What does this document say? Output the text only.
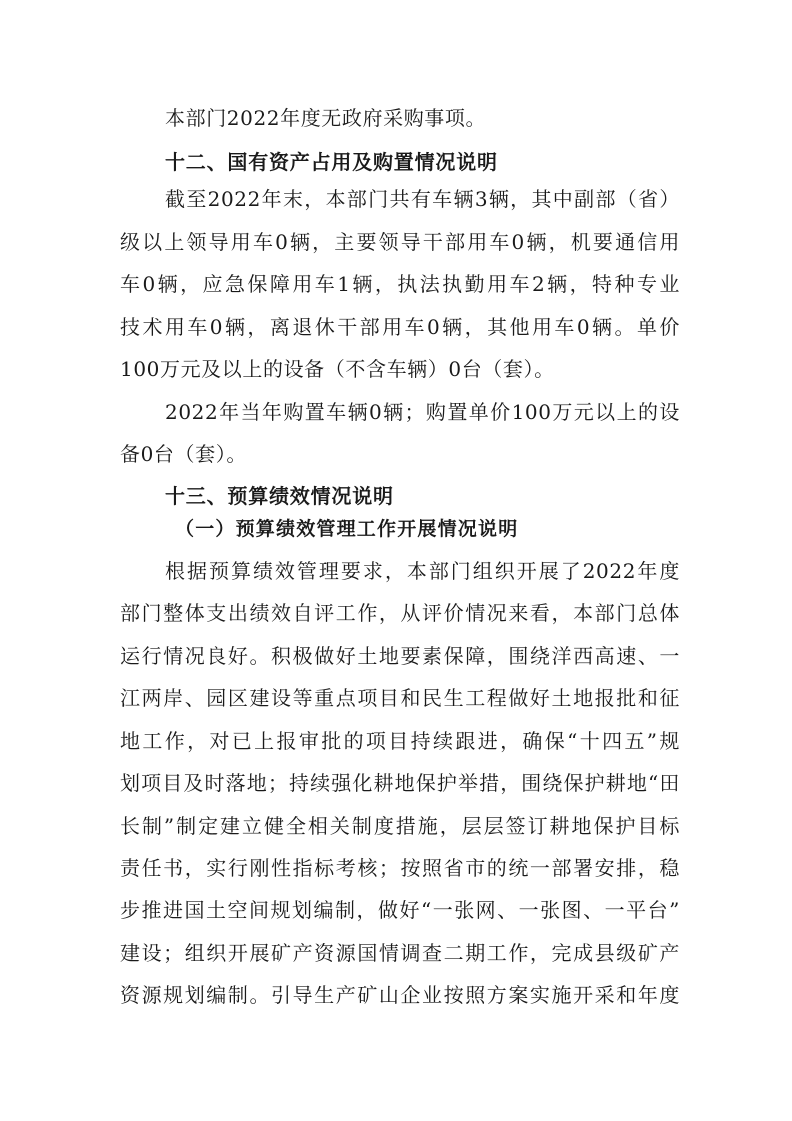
本部门2022年度无政府采购事项。
十二、国有资产占用及购置情况说明
截至2022年末，本部门共有车辆3辆，其中副部（省）
级以上领导用车0辆，主要领导干部用车0辆，机要通信用
车0辆，应急保障用车1辆，执法执勤用车2辆，特种专业
技术用车0辆，离退休干部用车0辆，其他用车0辆。单价
100万元及以上的设备（不含车辆）0台（套）。
2022年当年购置车辆0辆；购置单价100万元以上的设
备0台（套）。
十三、预算绩效情况说明
（一）预算绩效管理工作开展情况说明
根据预算绩效管理要求，本部门组织开展了2022年度
部门整体支出绩效自评工作，从评价情况来看，本部门总体
运行情况良好。积极做好土地要素保障，围绕洋西高速、一
江两岸、园区建设等重点项目和民生工程做好土地报批和征
地工作，对已上报审批的项目持续跟进，确保“十四五”规
划项目及时落地；持续强化耕地保护举措，围绕保护耕地“田
长制”制定建立健全相关制度措施，层层签订耕地保护目标
责任书，实行刚性指标考核；按照省市的统一部署安排，稳
步推进国土空间规划编制，做好“一张网、一张图、一平台”
建设；组织开展矿产资源国情调查二期工作，完成县级矿产
资源规划编制。引导生产矿山企业按照方案实施开采和年度
